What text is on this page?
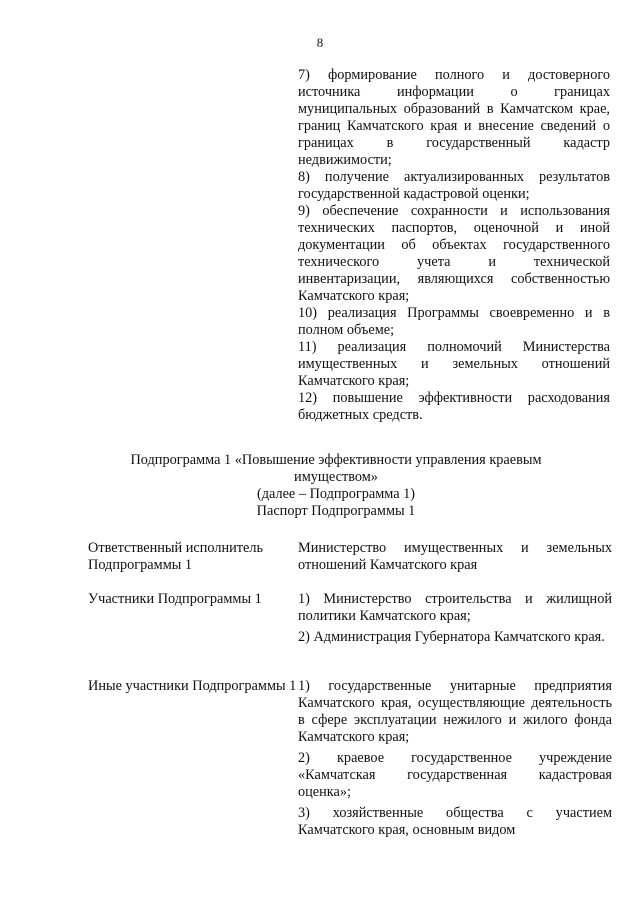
8

7) формирование полного и достоверного источника информации о границах муниципальных образований в Камчатском крае, границ Камчатского края и внесение сведений о границах в государственный кадастр недвижимости;

8) получение актуализированных результатов государственной кадастровой оценки;

9) обеспечение сохранности и использования технических паспортов, оценочной и иной документации об объектах государственного технического учета и технической инвентаризации, являющихся собственностью Камчатского края;

10) реализация Программы своевременно и в полном объеме;

11) реализация полномочий Министерства имущественных и земельных отношений Камчатского края;

12) повышение эффективности расходования бюджетных средств.

Подпрограмма 1 «Повышение эффективности управления краевым
имуществом»
(далее – Подпрограмма 1)
Паспорт Подпрограммы 1
Ответственный исполнитель Подпрограммы 1

Министерство имущественных и земельных отношений Камчатского края

Участники Подпрограммы 1	1) Министерство строительства и жилищной политики Камчатского края;

2) Администрация Губернатора Камчатского края.

Иные участники Подпрограммы 1 1) государственные унитарные предприятия Камчатского края, осуществляющие деятельность в сфере эксплуатации нежилого и жилого фонда Камчатского края;

2) краевое государственное учреждение «Камчатская государственная кадастровая оценка»;

3) хозяйственные общества с участием Камчатского края, основным видом
